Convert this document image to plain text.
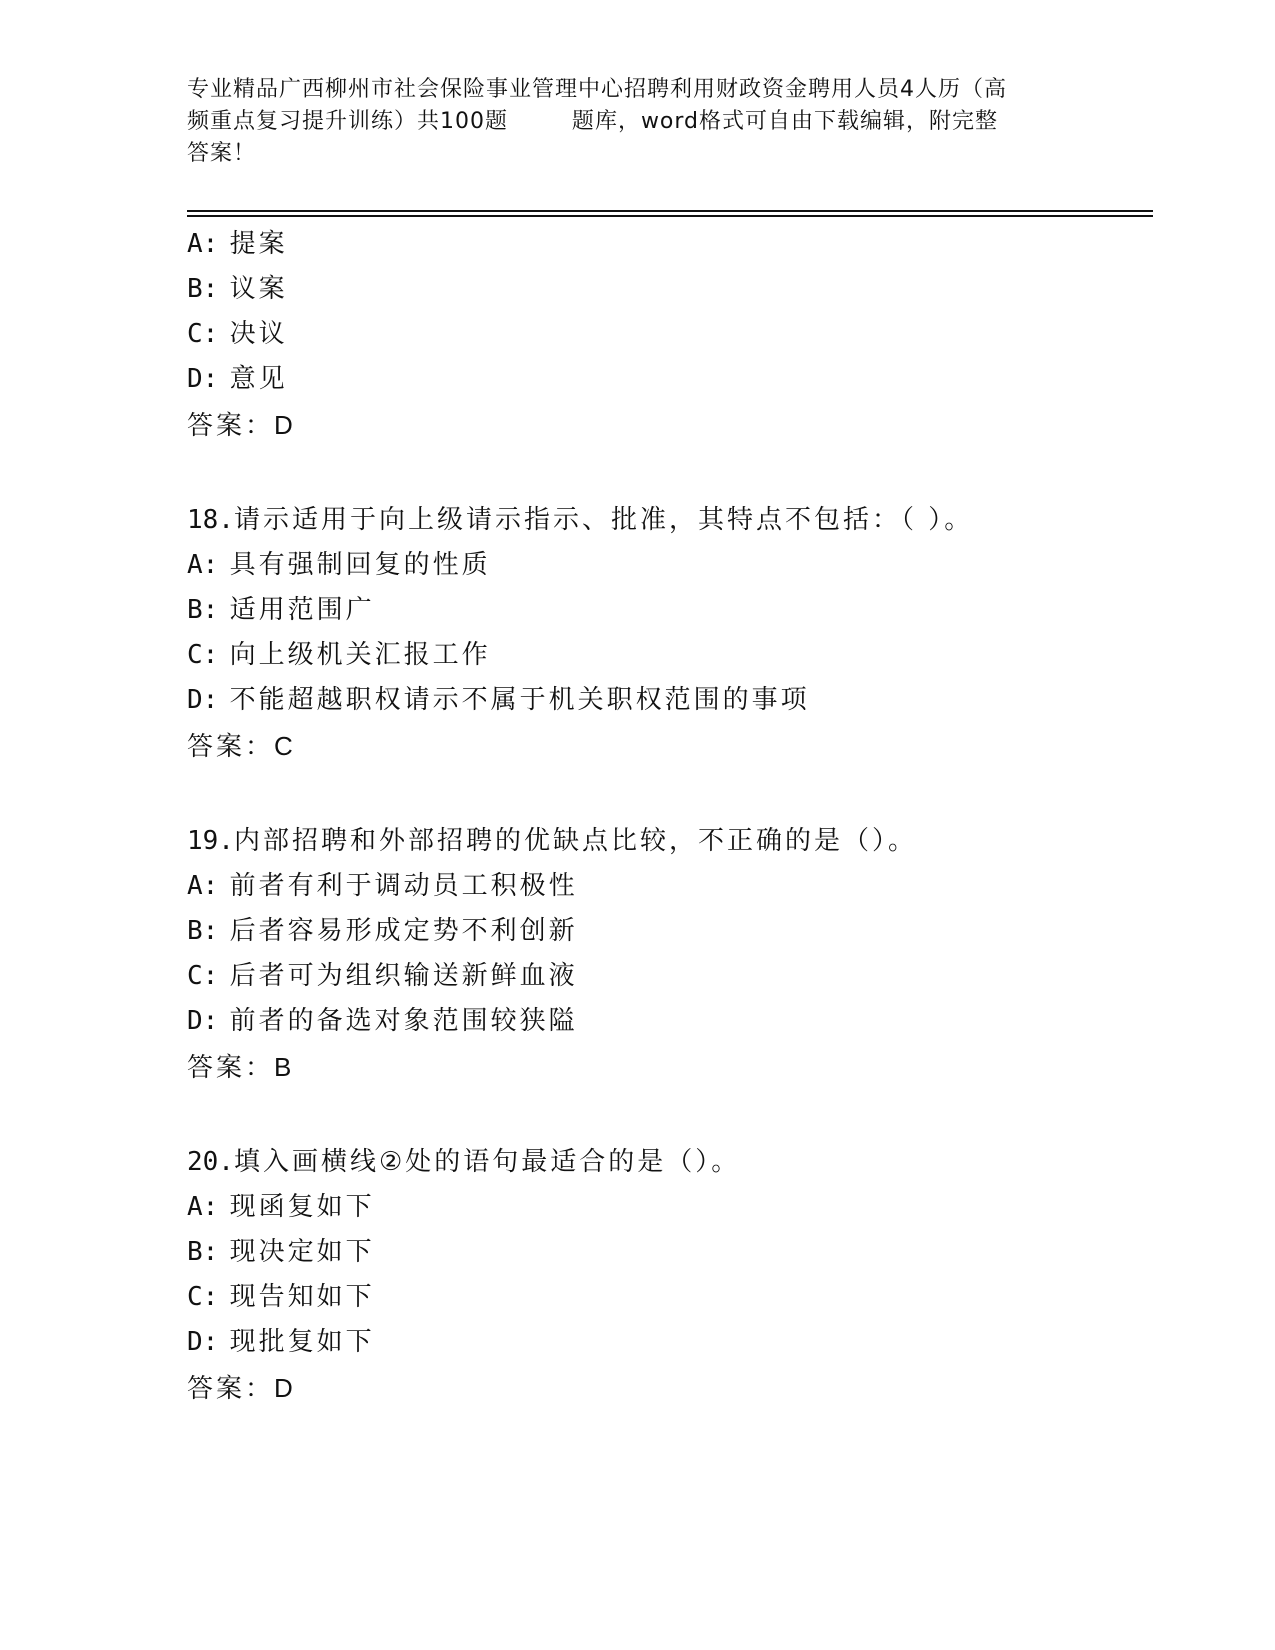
专业精品广西柳州市社会保险事业管理中心招聘利用财政资金聘用人员4人历（高
频重点复习提升训练）共100题        题库，word格式可自由下载编辑，附完整
答案！
A: 提案
B: 议案
C: 决议
D: 意见
答案：D
18.请示适用于向上级请示指示、批准，其特点不包括：（ ）。
A: 具有强制回复的性质
B: 适用范围广
C: 向上级机关汇报工作
D: 不能超越职权请示不属于机关职权范围的事项
答案：C
19.内部招聘和外部招聘的优缺点比较，不正确的是（）。
A: 前者有利于调动员工积极性
B: 后者容易形成定势不利创新
C: 后者可为组织输送新鲜血液
D: 前者的备选对象范围较狭隘
答案：B
20.填入画横线②处的语句最适合的是（）。
A: 现函复如下
B: 现决定如下
C: 现告知如下
D: 现批复如下
答案：D
